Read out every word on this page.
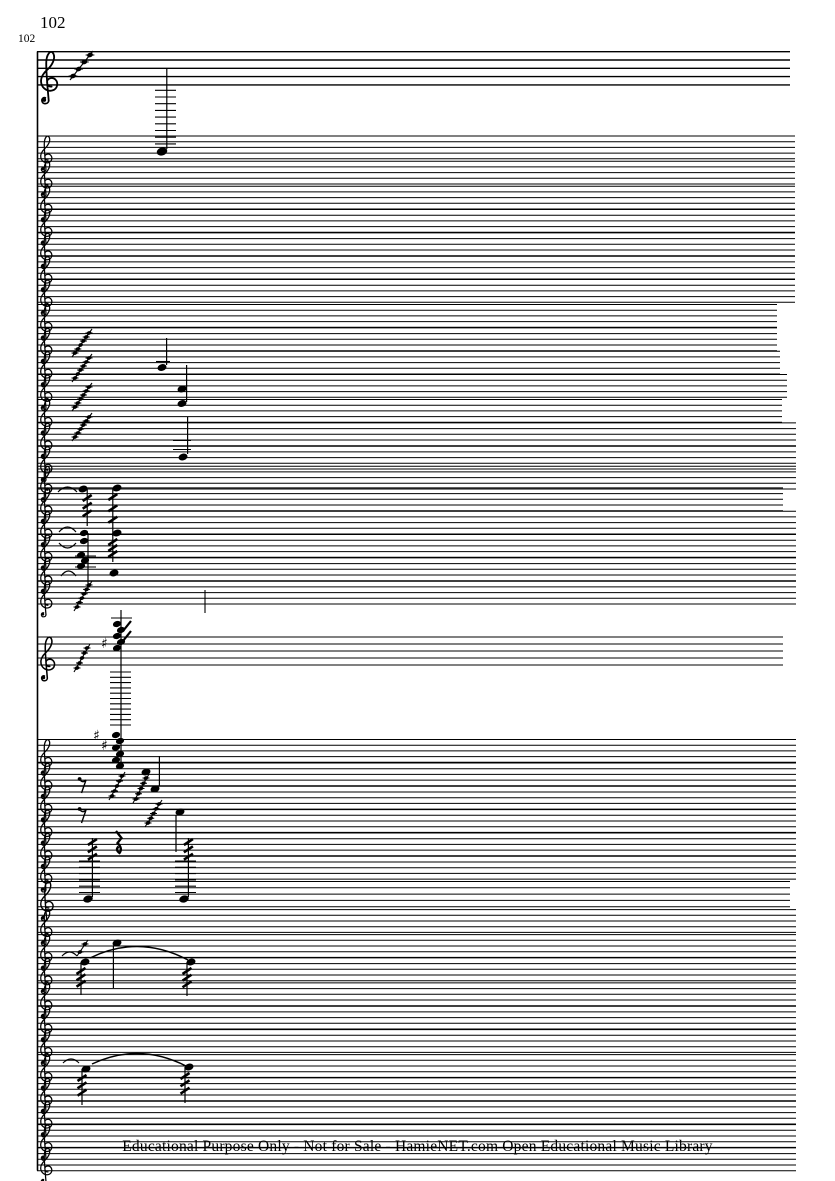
102
102
♯
♯
♯
Educational Purpose Only - Not for Sale - HamieNET.com Open Educational Music Library
